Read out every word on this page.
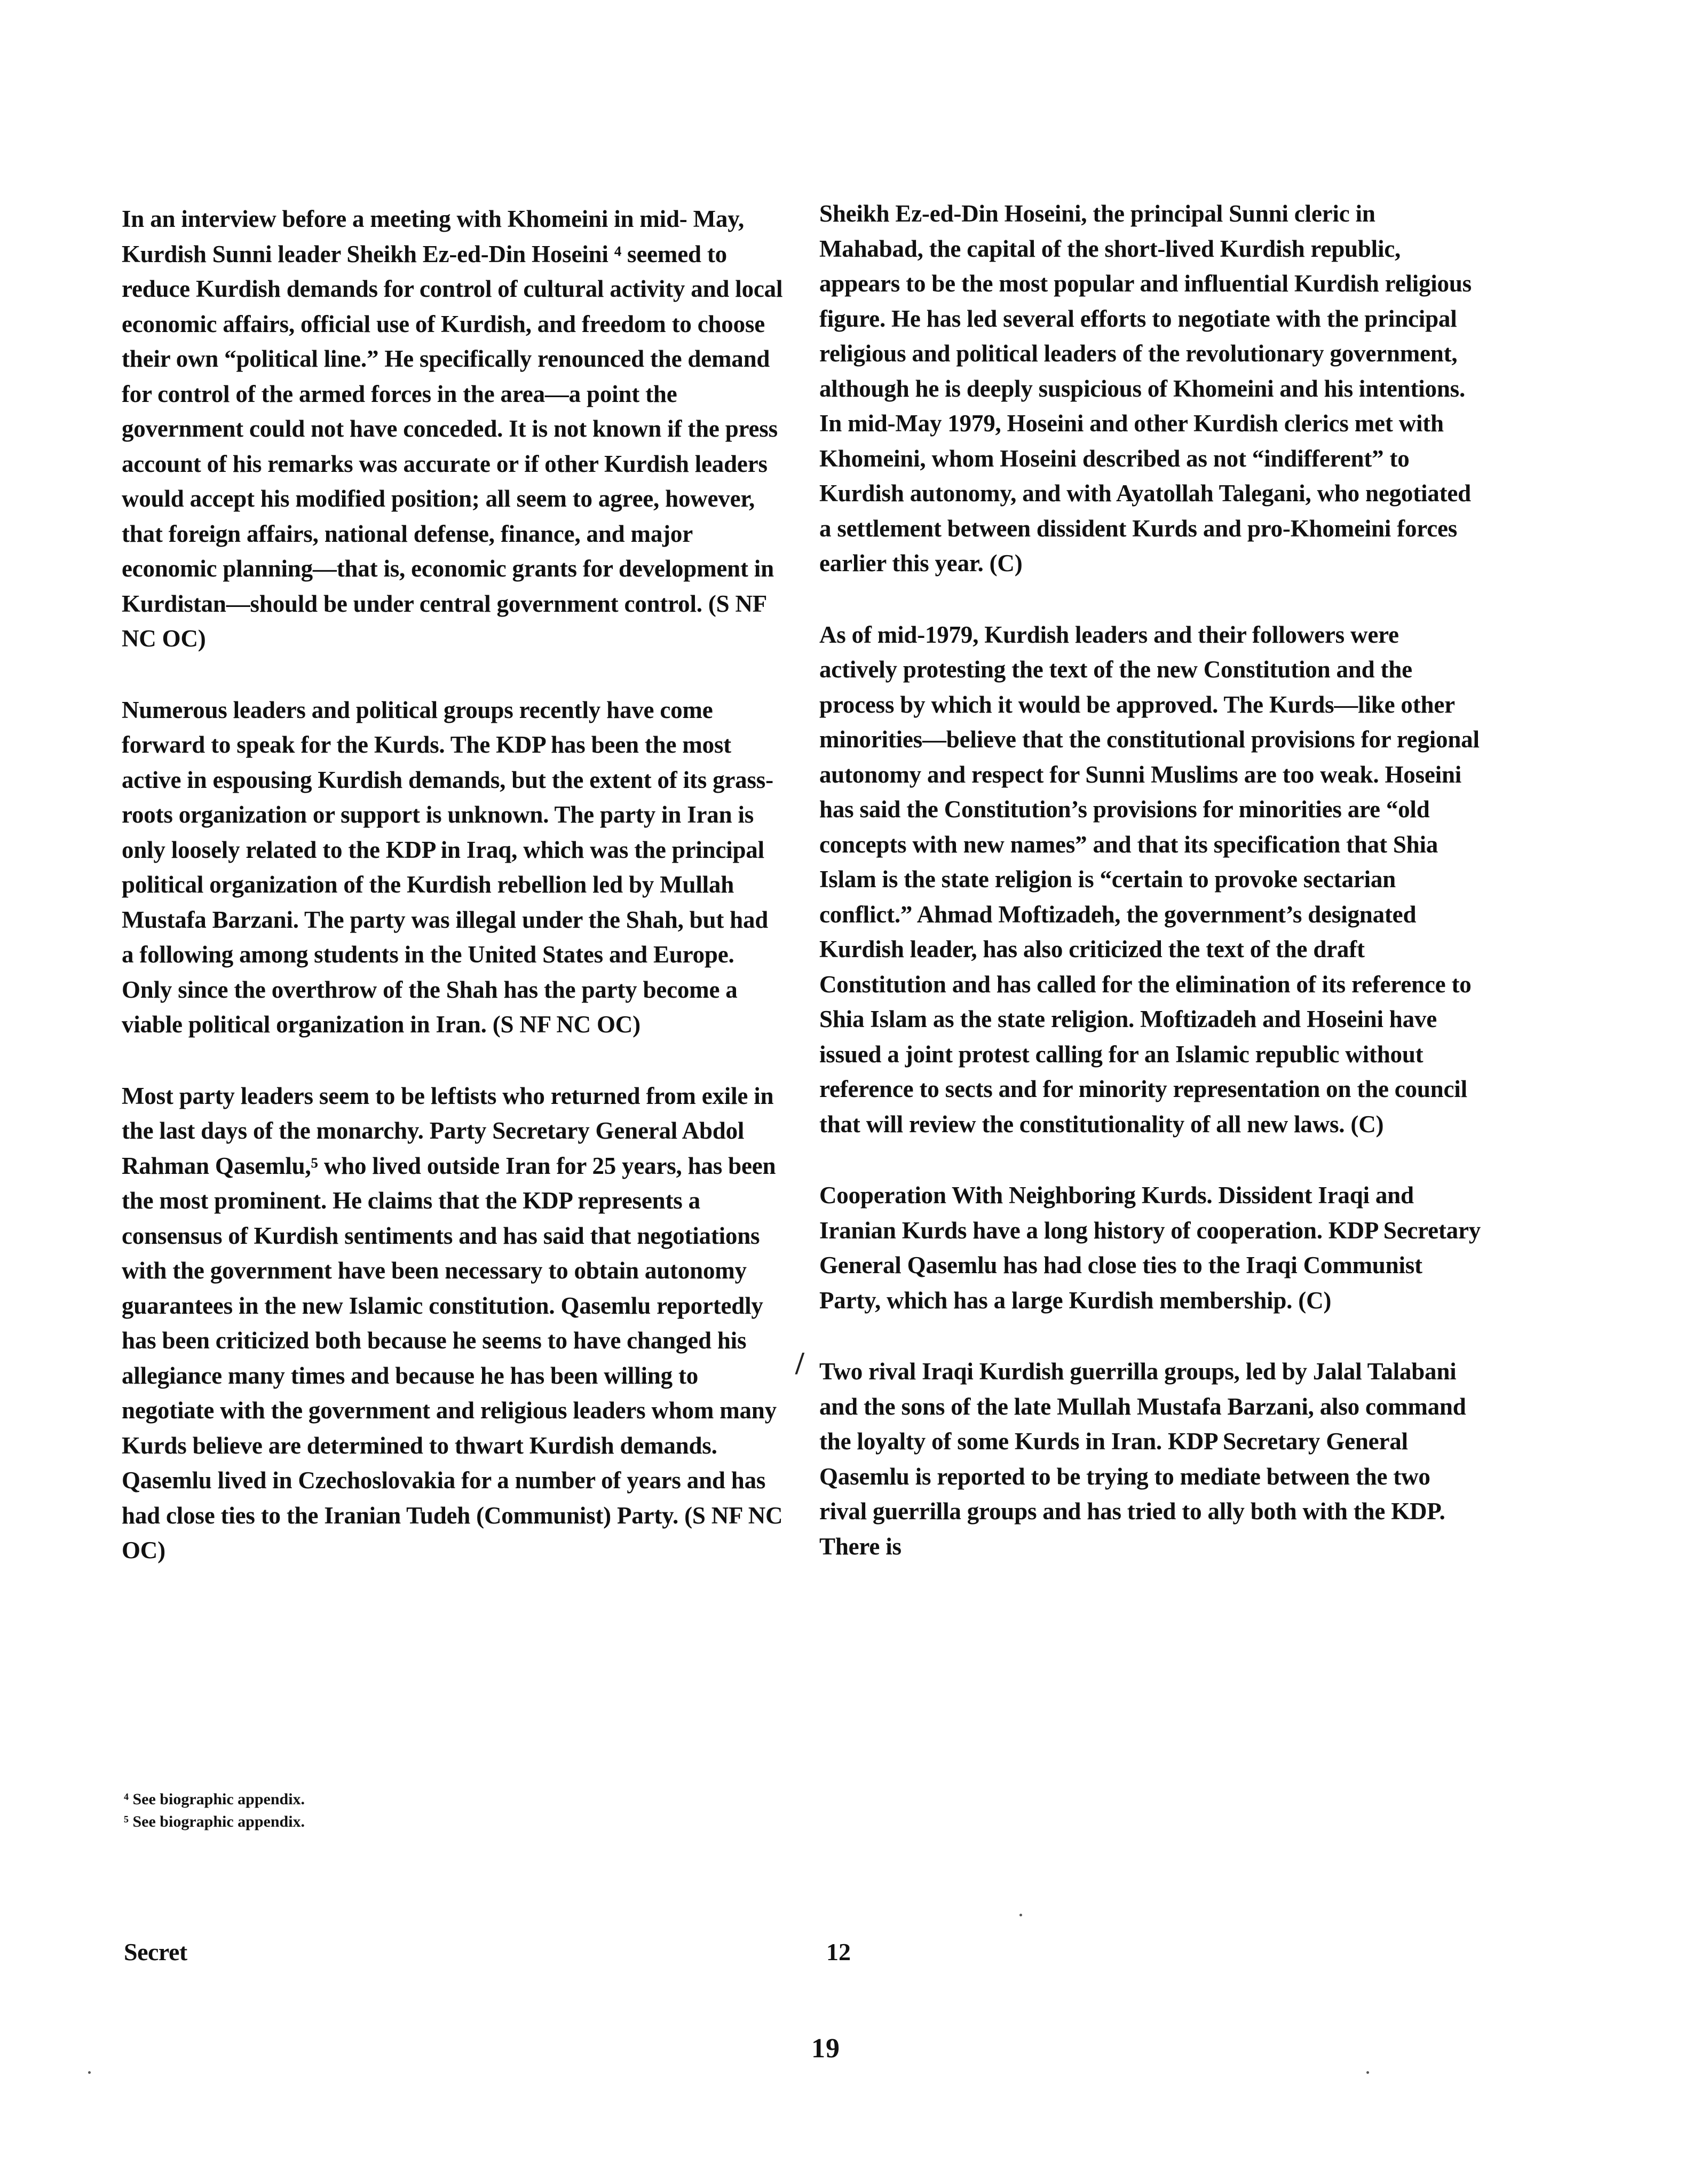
In an interview before a meeting with Khomeini in mid- May, Kurdish Sunni leader Sheikh Ez-ed-Din Hoseini ⁴ seemed to reduce Kurdish demands for control of cultural activity and local economic affairs, official use of Kurdish, and freedom to choose their own “political line.” He specifically renounced the demand for control of the armed forces in the area—a point the government could not have conceded. It is not known if the press account of his remarks was accurate or if other Kurdish leaders would accept his modified position; all seem to agree, however, that foreign affairs, national defense, finance, and major economic planning—that is, economic grants for development in Kurdistan—should be under central government control. (S NF NC OC)

Numerous leaders and political groups recently have come forward to speak for the Kurds. The KDP has been the most active in espousing Kurdish demands, but the extent of its grass-roots organization or support is unknown. The party in Iran is only loosely related to the KDP in Iraq, which was the principal political organization of the Kurdish rebellion led by Mullah Mustafa Barzani. The party was illegal under the Shah, but had a following among students in the United States and Europe. Only since the overthrow of the Shah has the party become a viable political organization in Iran. (S NF NC OC)

Most party leaders seem to be leftists who returned from exile in the last days of the monarchy. Party Secretary General Abdol Rahman Qasemlu,⁵ who lived outside Iran for 25 years, has been the most prominent. He claims that the KDP represents a consensus of Kurdish sentiments and has said that negotiations with the government have been necessary to obtain autonomy guarantees in the new Islamic constitution. Qasemlu reportedly has been criticized both because he seems to have changed his allegiance many times and because he has been willing to negotiate with the government and religious leaders whom many Kurds believe are determined to thwart Kurdish demands. Qasemlu lived in Czechoslovakia for a number of years and has had close ties to the Iranian Tudeh (Communist) Party. (S NF NC OC)

Sheikh Ez-ed-Din Hoseini, the principal Sunni cleric in Mahabad, the capital of the short-lived Kurdish republic, appears to be the most popular and influential Kurdish religious figure. He has led several efforts to negotiate with the principal religious and political leaders of the revolutionary government, although he is deeply suspicious of Khomeini and his intentions. In mid-May 1979, Hoseini and other Kurdish clerics met with Khomeini, whom Hoseini described as not “indifferent” to Kurdish autonomy, and with Ayatollah Talegani, who negotiated a settlement between dissident Kurds and pro-Khomeini forces earlier this year. (C)

As of mid-1979, Kurdish leaders and their followers were actively protesting the text of the new Constitution and the process by which it would be approved. The Kurds—like other minorities—believe that the constitutional provisions for regional autonomy and respect for Sunni Muslims are too weak. Hoseini has said the Constitution’s provisions for minorities are “old concepts with new names” and that its specification that Shia Islam is the state religion is “certain to provoke sectarian conflict.” Ahmad Moftizadeh, the government’s designated Kurdish leader, has also criticized the text of the draft Constitution and has called for the elimination of its reference to Shia Islam as the state religion. Moftizadeh and Hoseini have issued a joint protest calling for an Islamic republic without reference to sects and for minority representation on the council that will review the constitutionality of all new laws. (C)

Cooperation With Neighboring Kurds. Dissident Iraqi and Iranian Kurds have a long history of cooperation. KDP Secretary General Qasemlu has had close ties to the Iraqi Communist Party, which has a large Kurdish membership. (C)

Two rival Iraqi Kurdish guerrilla groups, led by Jalal Talabani and the sons of the late Mullah Mustafa Barzani, also command the loyalty of some Kurds in Iran. KDP Secretary General Qasemlu is reported to be trying to mediate between the two rival guerrilla groups and has tried to ally both with the KDP. There is

/

⁴ See biographic appendix.

⁵ See biographic appendix.

Secret	12
19
